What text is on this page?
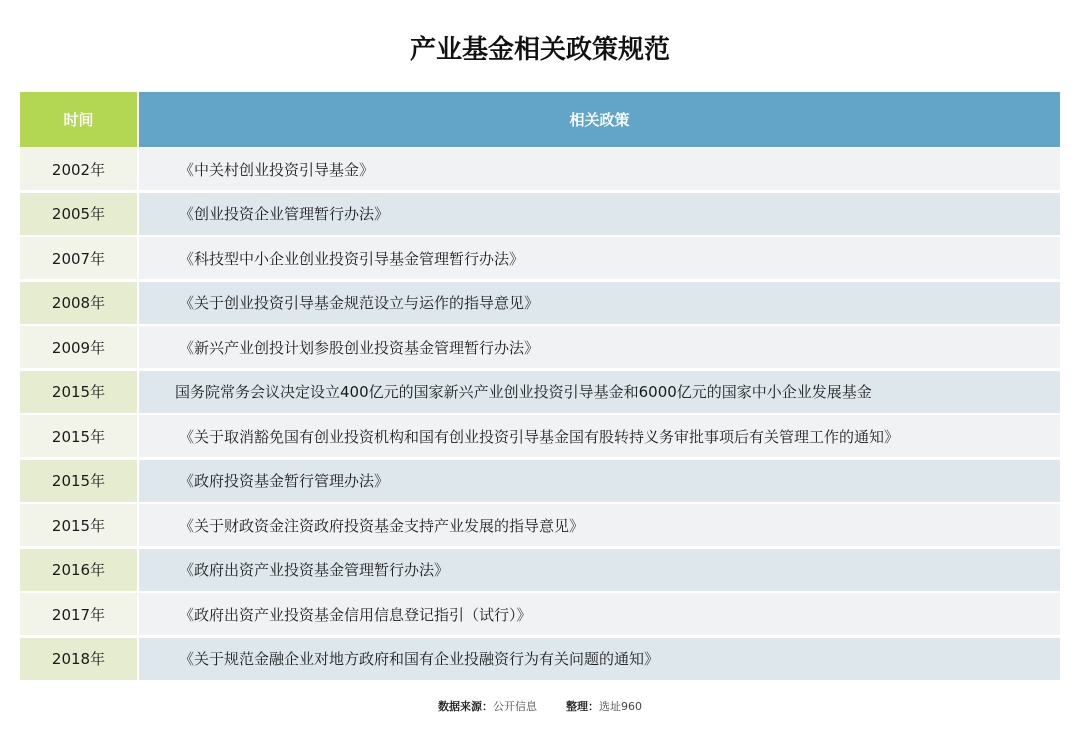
产业基金相关政策规范
时间	相关政策
2002年	《中关村创业投资引导基金》
2005年	《创业投资企业管理暂行办法》
2007年	《科技型中小企业创业投资引导基金管理暂行办法》
2008年	《关于创业投资引导基金规范设立与运作的指导意见》
2009年	《新兴产业创投计划参股创业投资基金管理暂行办法》
2015年	国务院常务会议决定设立400亿元的国家新兴产业创业投资引导基金和6000亿元的国家中小企业发展基金
2015年	《关于取消豁免国有创业投资机构和国有创业投资引导基金国有股转持义务审批事项后有关管理工作的通知》
2015年	《政府投资基金暂行管理办法》
2015年	《关于财政资金注资政府投资基金支持产业发展的指导意见》
2016年	《政府出资产业投资基金管理暂行办法》
2017年	《政府出资产业投资基金信用信息登记指引（试行）》
2018年	《关于规范金融企业对地方政府和国有企业投融资行为有关问题的通知》
数据来源：公开信息	整理：选址960
